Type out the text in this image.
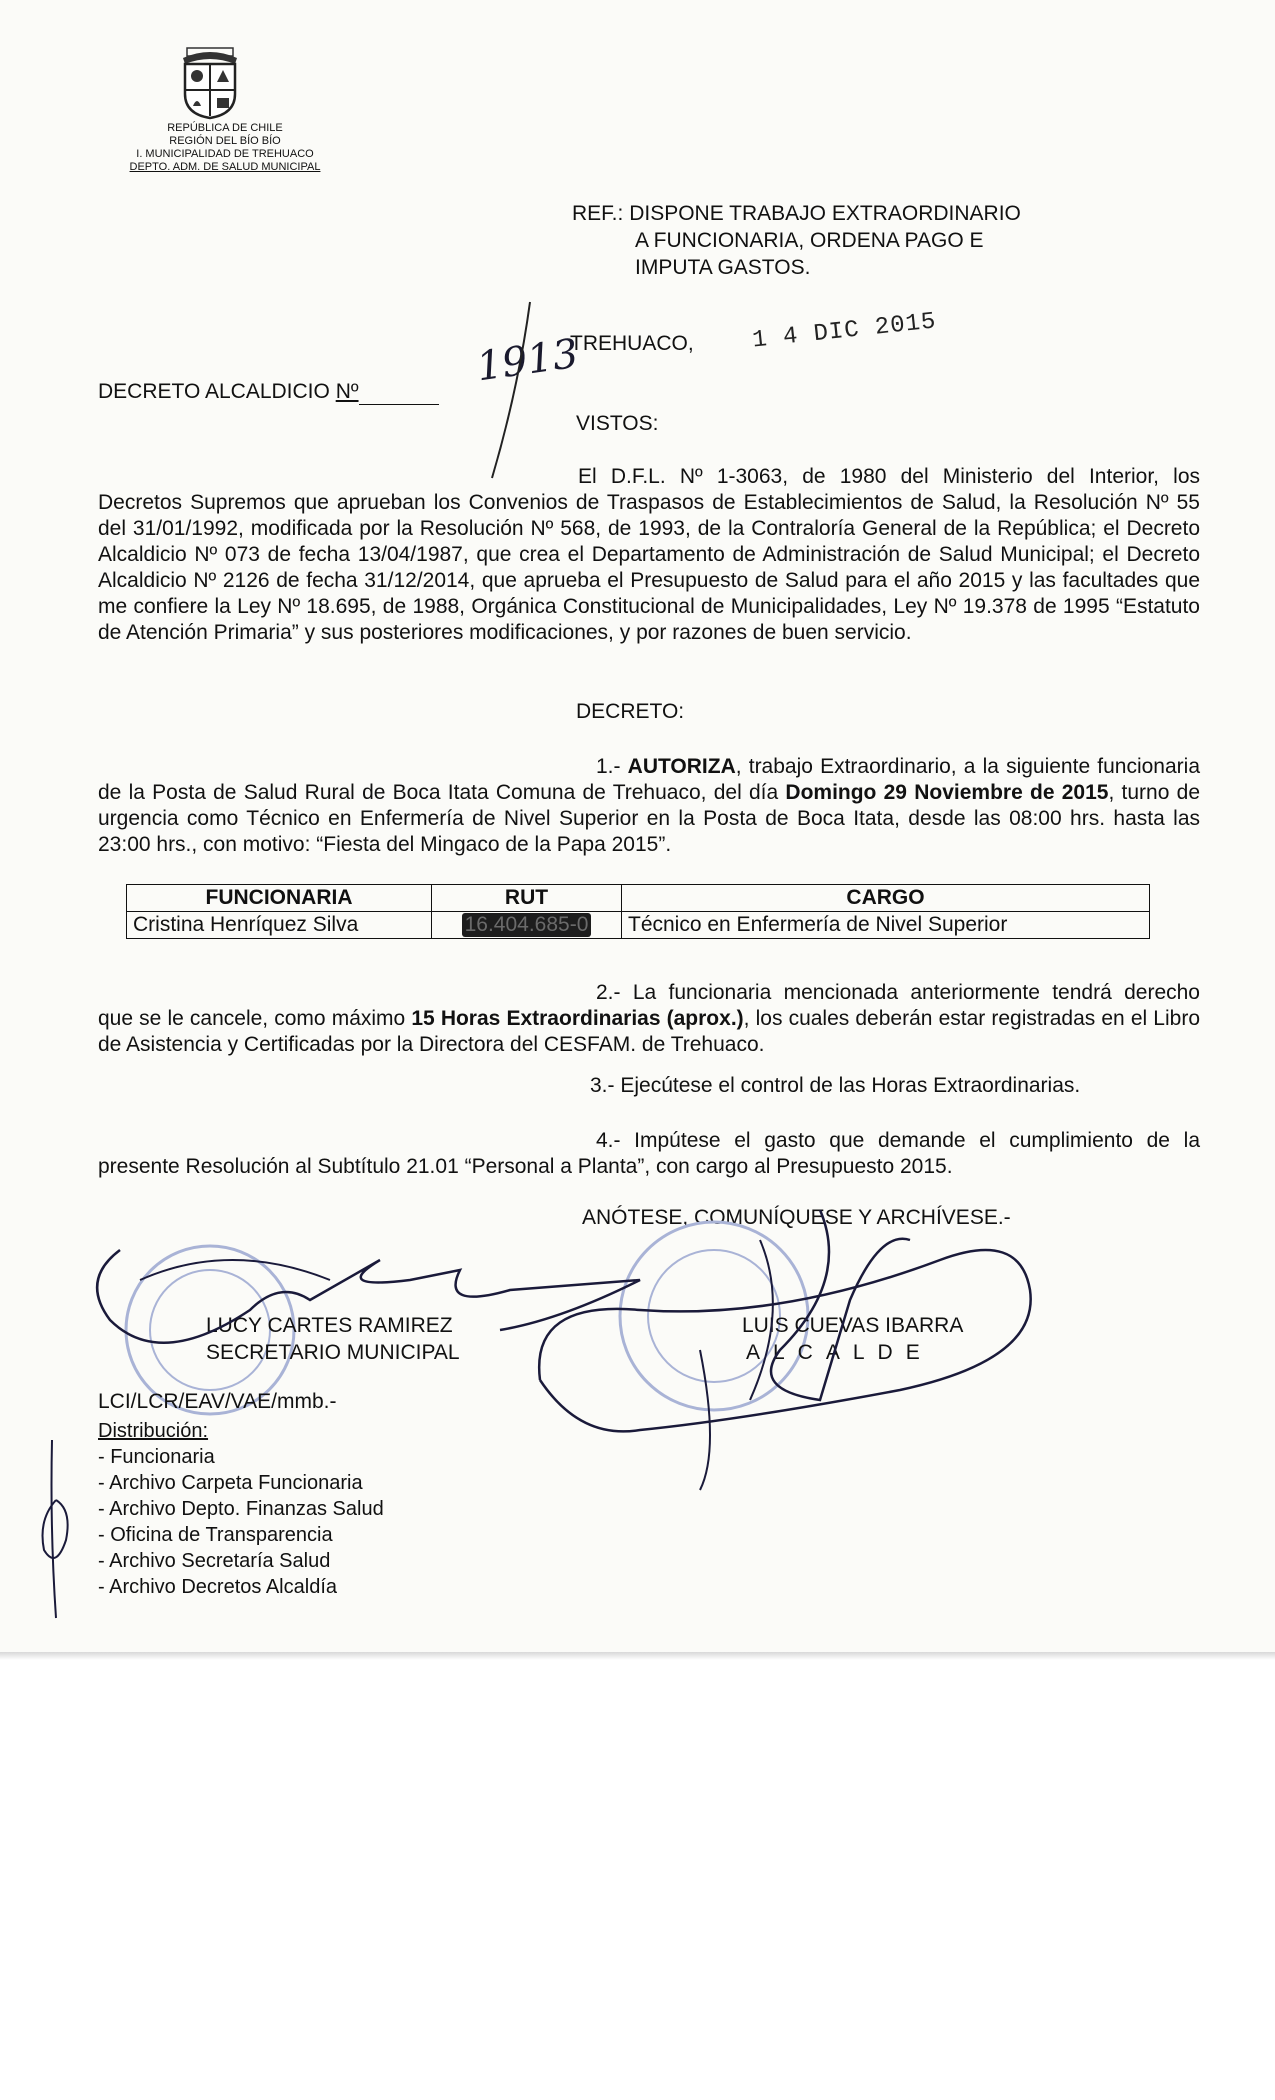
REPÚBLICA DE CHILE
REGIÓN DEL BÍO BÍO
I. MUNICIPALIDAD DE TREHUACO
DEPTO. ADM. DE SALUD MUNICIPAL
REF.:
DISPONE TRABAJO EXTRAORDINARIO
A FUNCIONARIA, ORDENA PAGO E
IMPUTA GASTOS.
DECRETO ALCALDICIO Nº
1913
TREHUACO, 1 4 DIC 2015
VISTOS:
El D.F.L. Nº 1-3063, de 1980 del Ministerio del Interior, los Decretos Supremos que aprueban los Convenios de Traspasos de Establecimientos de Salud, la Resolución Nº 55 del 31/01/1992, modificada por la Resolución Nº 568, de 1993, de la Contraloría General de la República; el Decreto Alcaldicio Nº 073 de fecha 13/04/1987, que crea el Departamento de Administración de Salud Municipal; el Decreto Alcaldicio Nº 2126 de fecha 31/12/2014, que aprueba el Presupuesto de Salud para el año 2015 y las facultades que me confiere la Ley Nº 18.695, de 1988, Orgánica Constitucional de Municipalidades, Ley Nº 19.378 de 1995 “Estatuto de Atención Primaria” y sus posteriores modificaciones, y por razones de buen servicio.
DECRETO:
1.- AUTORIZA, trabajo Extraordinario, a la siguiente funcionaria de la Posta de Salud Rural de Boca Itata Comuna de Trehuaco, del día Domingo 29 Noviembre de 2015, turno de urgencia como Técnico en Enfermería de Nivel Superior en la Posta de Boca Itata, desde las 08:00 hrs. hasta las 23:00 hrs., con motivo: “Fiesta del Mingaco de la Papa 2015”.
FUNCIONARIA	RUT	CARGO
Cristina Henríquez Silva	16.404.685-0	Técnico en Enfermería de Nivel Superior
2.- La funcionaria mencionada anteriormente tendrá derecho que se le cancele, como máximo 15 Horas Extraordinarias (aprox.), los cuales deberán estar registradas en el Libro de Asistencia y Certificadas por la Directora del CESFAM. de Trehuaco.
3.- Ejecútese el control de las Horas Extraordinarias.
4.- Impútese el gasto que demande el cumplimiento de la presente Resolución al Subtítulo 21.01 “Personal a Planta”, con cargo al Presupuesto 2015.
ANÓTESE, COMUNÍQUESE Y ARCHÍVESE.-
LUCY CARTES RAMIREZ
SECRETARIO MUNICIPAL
LUIS CUEVAS IBARRA
ALCALDE
LCI/LCR/EAV/VAE/mmb.-
Distribución:
- Funcionaria
- Archivo Carpeta Funcionaria
- Archivo Depto. Finanzas Salud
- Oficina de Transparencia
- Archivo Secretaría Salud
- Archivo Decretos Alcaldía
